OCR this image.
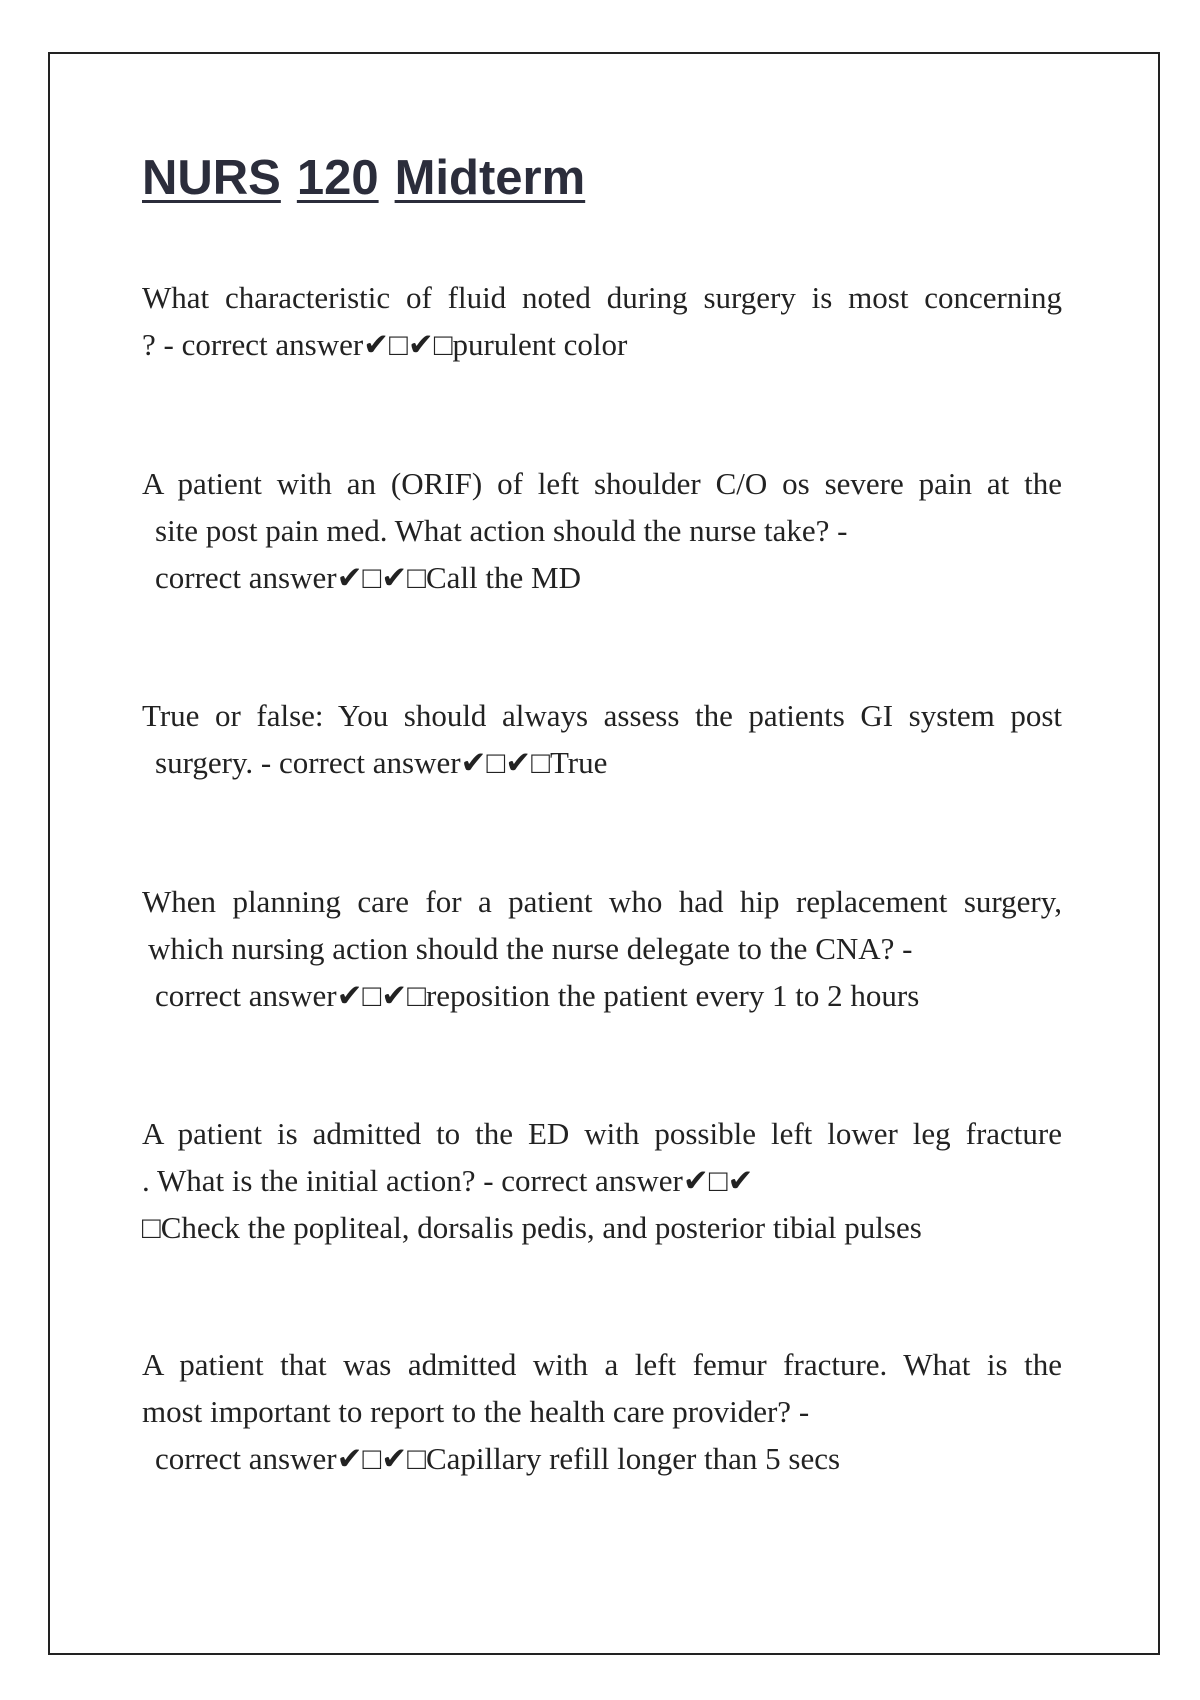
NURS 120 Midterm
What characteristic of fluid noted during surgery is most concerning
? - correct answer✔□✔□purulent color
A patient with an (ORIF) of left shoulder C/O os severe pain at the
site post pain med. What action should the nurse take? -
correct answer✔□✔□Call the MD
True or false: You should always assess the patients GI system post
surgery. - correct answer✔□✔□True
When planning care for a patient who had hip replacement surgery,
which nursing action should the nurse delegate to the CNA? -
correct answer✔□✔□reposition the patient every 1 to 2 hours
A patient is admitted to the ED with possible left lower leg fracture
. What is the initial action? - correct answer✔□✔
□Check the popliteal, dorsalis pedis, and posterior tibial pulses
A patient that was admitted with a left femur fracture. What is the
most important to report to the health care provider? -
correct answer✔□✔□Capillary refill longer than 5 secs
